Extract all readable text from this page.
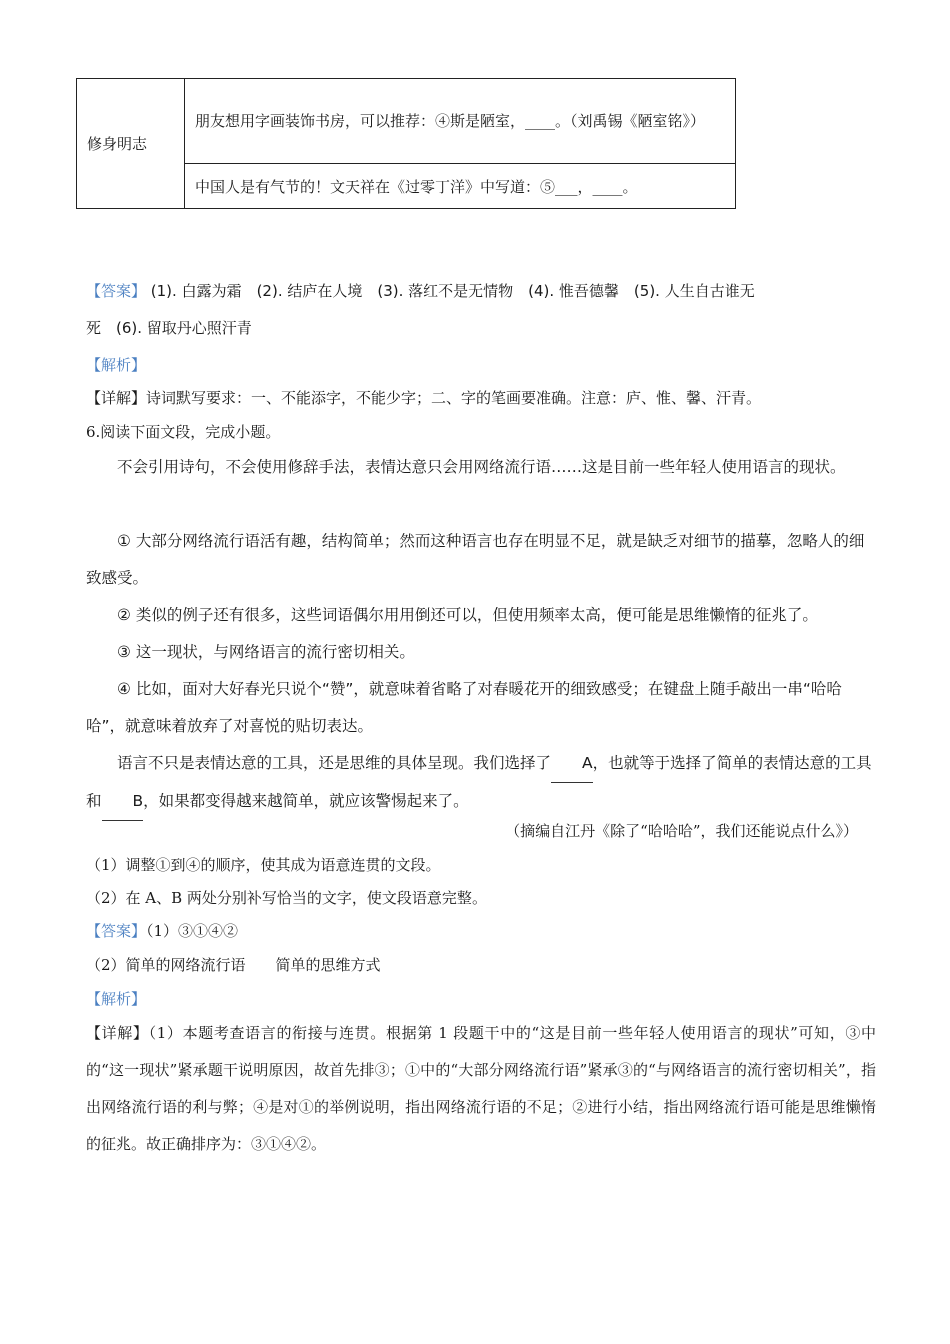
修身明志	朋友想用字画装饰书房，可以推荐：④斯是陋室，____。（刘禹锡《陋室铭》）
中国人是有气节的！文天祥在《过零丁洋》中写道：⑤___，____。
【答案】 (1). 白露为霜　(2). 结庐在人境　(3). 落红不是无情物　(4). 惟吾德馨　(5). 人生自古谁无
死　(6). 留取丹心照汗青
【解析】
【详解】诗词默写要求：一、不能添字，不能少字；二、字的笔画要准确。注意：庐、惟、馨、汗青。
6.阅读下面文段，完成小题。
不会引用诗句，不会使用修辞手法，表情达意只会用网络流行语……这是目前一些年轻人使用语言的现状。
① 大部分网络流行语活有趣，结构简单；然而这种语言也存在明显不足，就是缺乏对细节的描摹，忽略人的细致感受。
② 类似的例子还有很多，这些词语偶尔用用倒还可以，但使用频率太高，便可能是思维懒惰的征兆了。
③ 这一现状，与网络语言的流行密切相关。
④ 比如，面对大好春光只说个“赞”，就意味着省略了对春暖花开的细致感受；在键盘上随手敲出一串“哈哈哈”，就意味着放弃了对喜悦的贴切表达。
语言不只是表情达意的工具，还是思维的具体呈现。我们选择了 A，也就等于选择了简单的表情达意的工具和 B，如果都变得越来越简单，就应该警惕起来了。
（摘编自江丹《除了“哈哈哈”，我们还能说点什么》）
（1）调整①到④的顺序，使其成为语意连贯的文段。
（2）在 A、B 两处分别补写恰当的文字，使文段语意完整。
【答案】（1）③①④②
（2）简单的网络流行语　　简单的思维方式
【解析】
【详解】（1）本题考查语言的衔接与连贯。根据第 1 段题干中的“这是目前一些年轻人使用语言的现状”可知，③中的“这一现状”紧承题干说明原因，故首先排③；①中的“大部分网络流行语”紧承③的“与网络语言的流行密切相关”，指出网络流行语的利与弊；④是对①的举例说明，指出网络流行语的不足；②进行小结，指出网络流行语可能是思维懒惰的征兆。故正确排序为：③①④②。
